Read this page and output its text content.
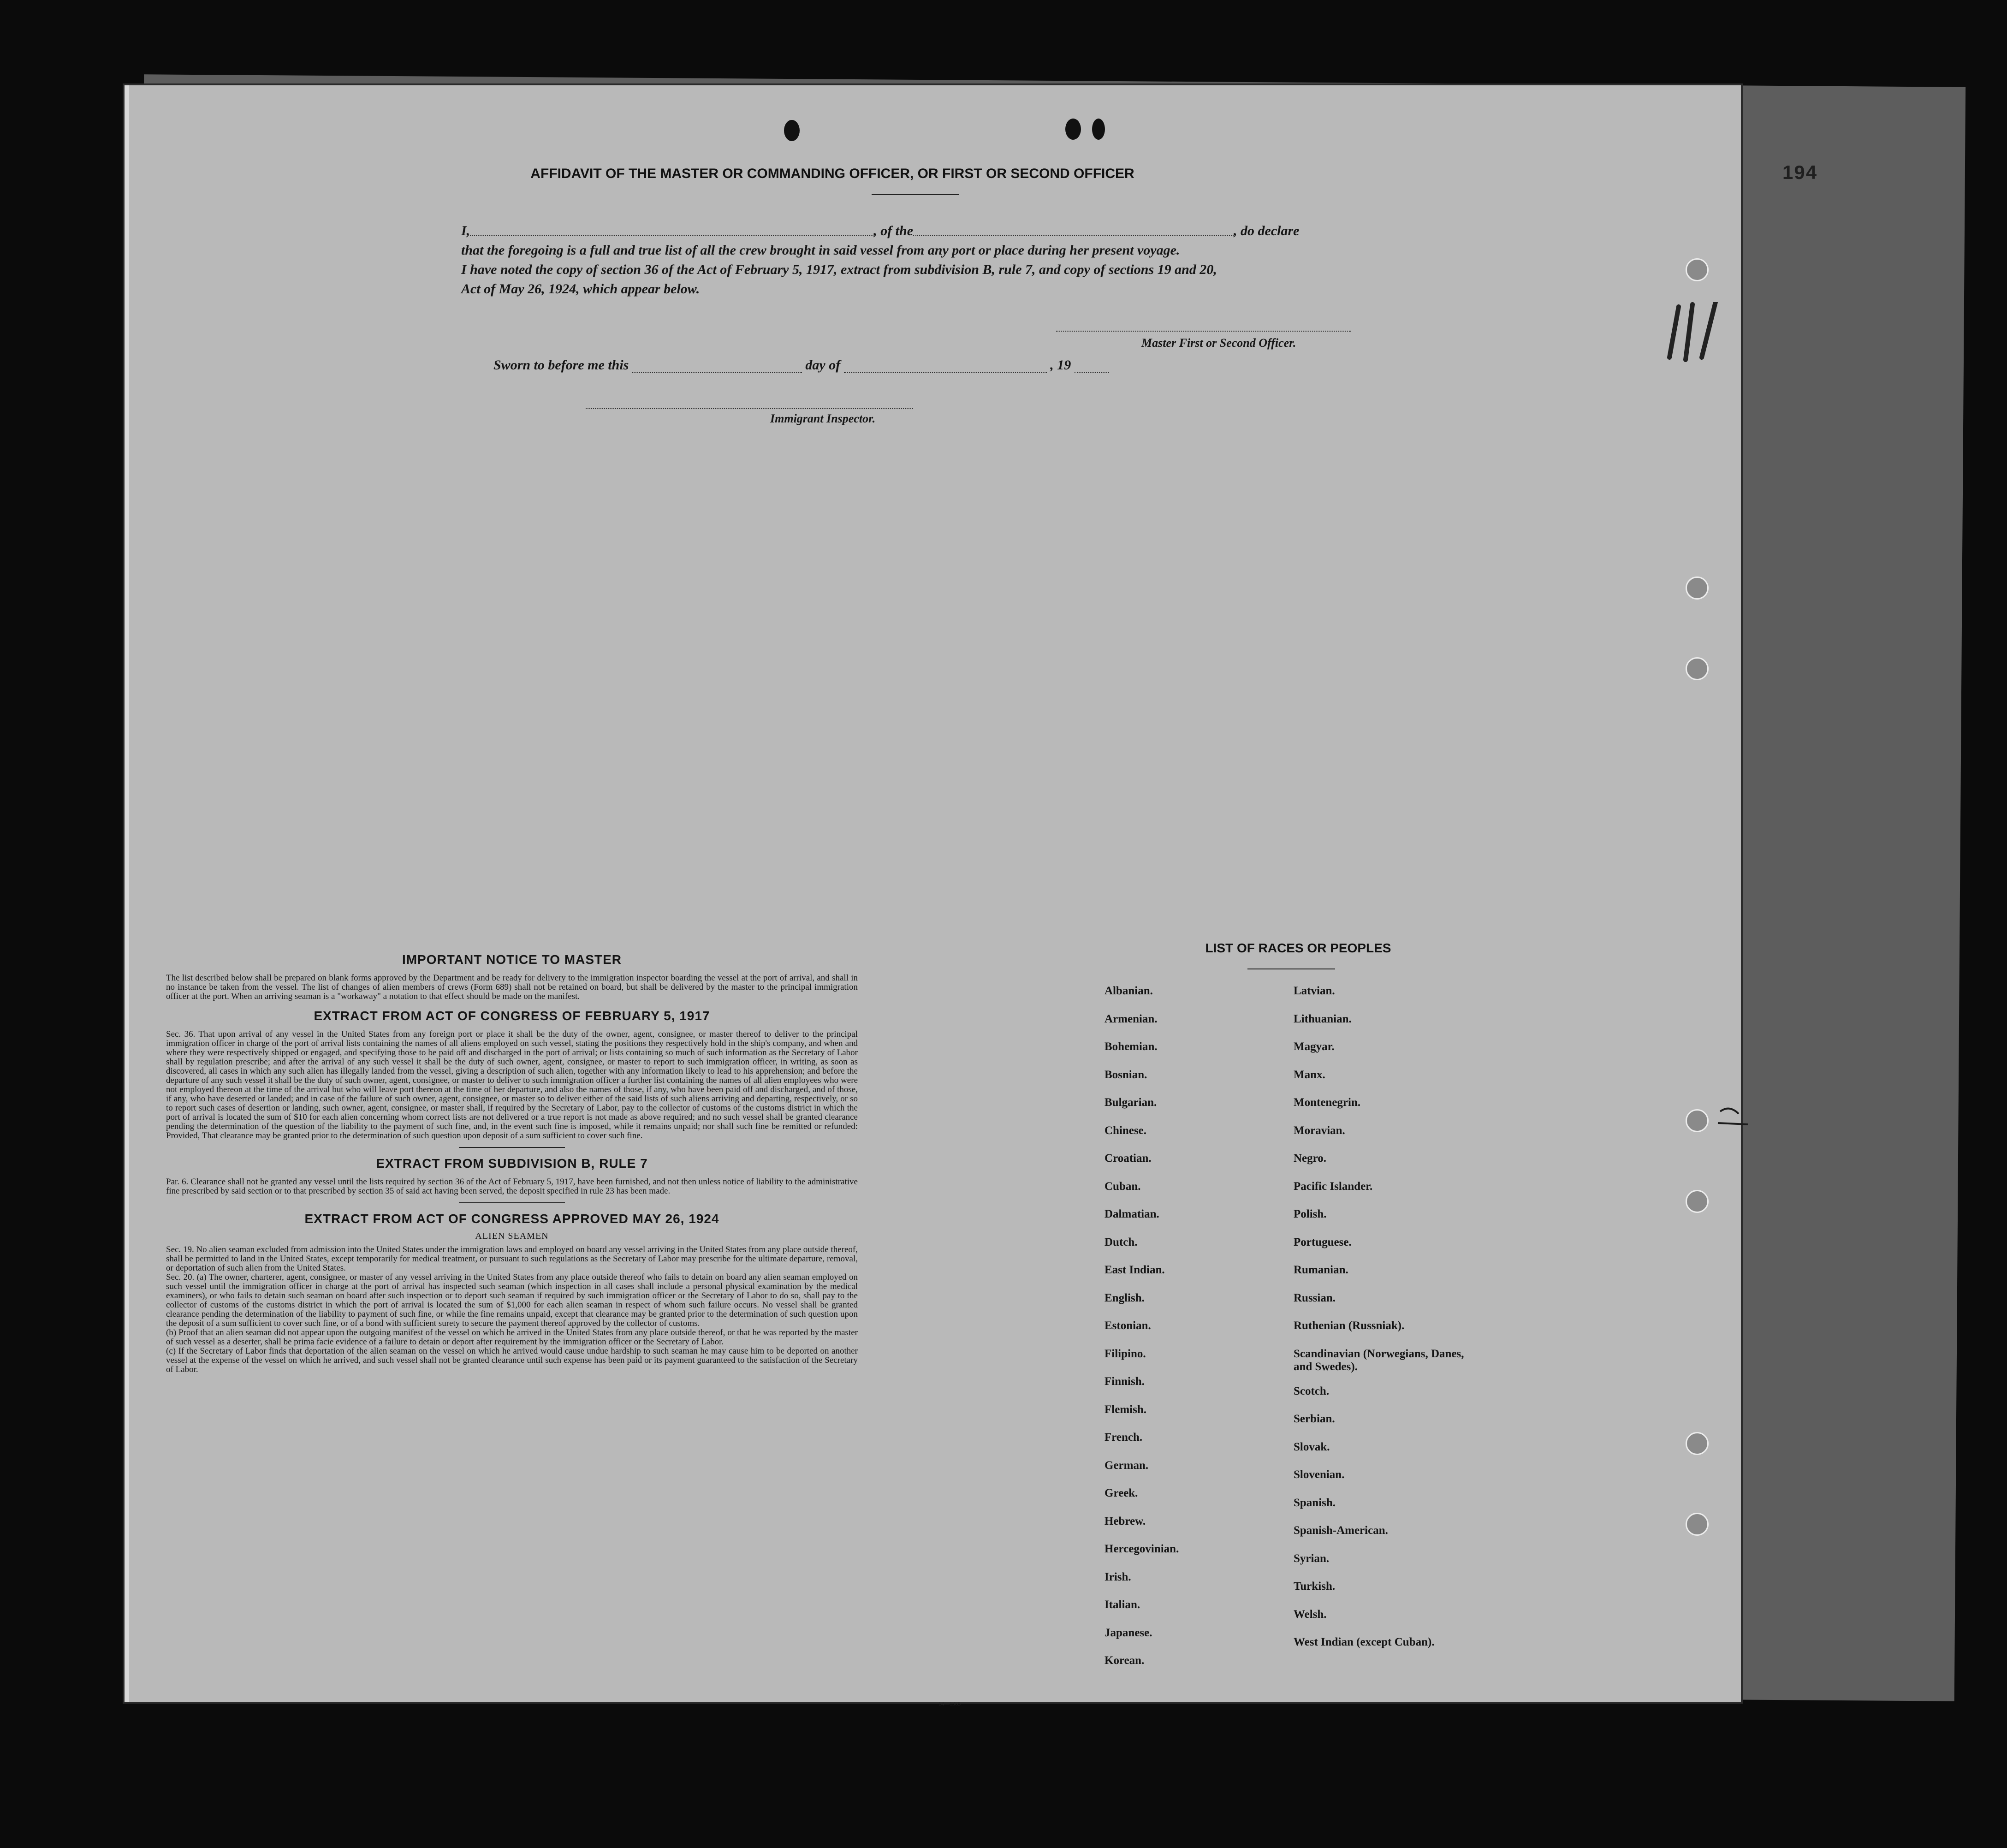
194
AFFIDAVIT OF THE MASTER OR COMMANDING OFFICER, OR FIRST OR SECOND OFFICER
I,	, of the	, do declare
that the foregoing is a full and true list of all the crew brought in said vessel from any port or place during her present voyage.
I have noted the copy of section 36 of the Act of February 5, 1917, extract from subdivision B, rule 7, and copy of sections 19 and 20,
Act of May 26, 1924, which appear below.
Master First or Second Officer.
Sworn to before me this	day of	, 19
Immigrant Inspector.
IMPORTANT NOTICE TO MASTER

The list described below shall be prepared on blank forms approved by the Department and be ready for delivery to the immigration inspector boarding the vessel at the port of arrival, and shall in no instance be taken from the vessel. The list of changes of alien members of crews (Form 689) shall not be retained on board, but shall be delivered by the master to the principal immigration officer at the port. When an arriving seaman is a "workaway" a notation to that effect should be made on the manifest.

EXTRACT FROM ACT OF CONGRESS OF FEBRUARY 5, 1917

Sec. 36. That upon arrival of any vessel in the United States from any foreign port or place it shall be the duty of the owner, agent, consignee, or master thereof to deliver to the principal immigration officer in charge of the port of arrival lists containing the names of all aliens employed on such vessel, stating the positions they respectively hold in the ship's company, and when and where they were respectively shipped or engaged, and specifying those to be paid off and discharged in the port of arrival; or lists containing so much of such information as the Secretary of Labor shall by regulation prescribe; and after the arrival of any such vessel it shall be the duty of such owner, agent, consignee, or master to report to such immigration officer, in writing, as soon as discovered, all cases in which any such alien has illegally landed from the vessel, giving a description of such alien, together with any information likely to lead to his apprehension; and before the departure of any such vessel it shall be the duty of such owner, agent, consignee, or master to deliver to such immigration officer a further list containing the names of all alien employees who were not employed thereon at the time of the arrival but who will leave port thereon at the time of her departure, and also the names of those, if any, who have been paid off and discharged, and of those, if any, who have deserted or landed; and in case of the failure of such owner, agent, consignee, or master so to deliver either of the said lists of such aliens arriving and departing, respectively, or so to report such cases of desertion or landing, such owner, agent, consignee, or master shall, if required by the Secretary of Labor, pay to the collector of customs of the customs district in which the port of arrival is located the sum of $10 for each alien concerning whom correct lists are not delivered or a true report is not made as above required; and no such vessel shall be granted clearance pending the determination of the question of the liability to the payment of such fine, and, in the event such fine is imposed, while it remains unpaid; nor shall such fine be remitted or refunded: Provided, That clearance may be granted prior to the determination of such question upon deposit of a sum sufficient to cover such fine.

EXTRACT FROM SUBDIVISION B, RULE 7

Par. 6. Clearance shall not be granted any vessel until the lists required by section 36 of the Act of February 5, 1917, have been furnished, and not then unless notice of liability to the administrative fine prescribed by said section or to that prescribed by section 35 of said act having been served, the deposit specified in rule 23 has been made.

EXTRACT FROM ACT OF CONGRESS APPROVED MAY 26, 1924
ALIEN SEAMEN

Sec. 19. No alien seaman excluded from admission into the United States under the immigration laws and employed on board any vessel arriving in the United States from any place outside thereof, shall be permitted to land in the United States, except temporarily for medical treatment, or pursuant to such regulations as the Secretary of Labor may prescribe for the ultimate departure, removal, or deportation of such alien from the United States.

Sec. 20. (a) The owner, charterer, agent, consignee, or master of any vessel arriving in the United States from any place outside thereof who fails to detain on board any alien seaman employed on such vessel until the immigration officer in charge at the port of arrival has inspected such seaman (which inspection in all cases shall include a personal physical examination by the medical examiners), or who fails to detain such seaman on board after such inspection or to deport such seaman if required by such immigration officer or the Secretary of Labor to do so, shall pay to the collector of customs of the customs district in which the port of arrival is located the sum of $1,000 for each alien seaman in respect of whom such failure occurs. No vessel shall be granted clearance pending the determination of the liability to payment of such fine, or while the fine remains unpaid, except that clearance may be granted prior to the determination of such question upon the deposit of a sum sufficient to cover such fine, or of a bond with sufficient surety to secure the payment thereof approved by the collector of customs.

(b) Proof that an alien seaman did not appear upon the outgoing manifest of the vessel on which he arrived in the United States from any place outside thereof, or that he was reported by the master of such vessel as a deserter, shall be prima facie evidence of a failure to detain or deport after requirement by the immigration officer or the Secretary of Labor.

(c) If the Secretary of Labor finds that deportation of the alien seaman on the vessel on which he arrived would cause undue hardship to such seaman he may cause him to be deported on another vessel at the expense of the vessel on which he arrived, and such vessel shall not be granted clearance until such expense has been paid or its payment guaranteed to the satisfaction of the Secretary of Labor.

14—1365
LIST OF RACES OR PEOPLES
Albanian.
Armenian.
Bohemian.
Bosnian.
Bulgarian.
Chinese.
Croatian.
Cuban.
Dalmatian.
Dutch.
East Indian.
English.
Estonian.
Filipino.
Finnish.
Flemish.
French.
German.
Greek.
Hebrew.
Hercegovinian.
Irish.
Italian.
Japanese.
Korean.
Latvian.
Lithuanian.
Magyar.
Manx.
Montenegrin.
Moravian.
Negro.
Pacific Islander.
Polish.
Portuguese.
Rumanian.
Russian.
Ruthenian (Russniak).
Scandinavian (Norwegians, Danes, and Swedes).
Scotch.
Serbian.
Slovak.
Slovenian.
Spanish.
Spanish-American.
Syrian.
Turkish.
Welsh.
West Indian (except Cuban).
